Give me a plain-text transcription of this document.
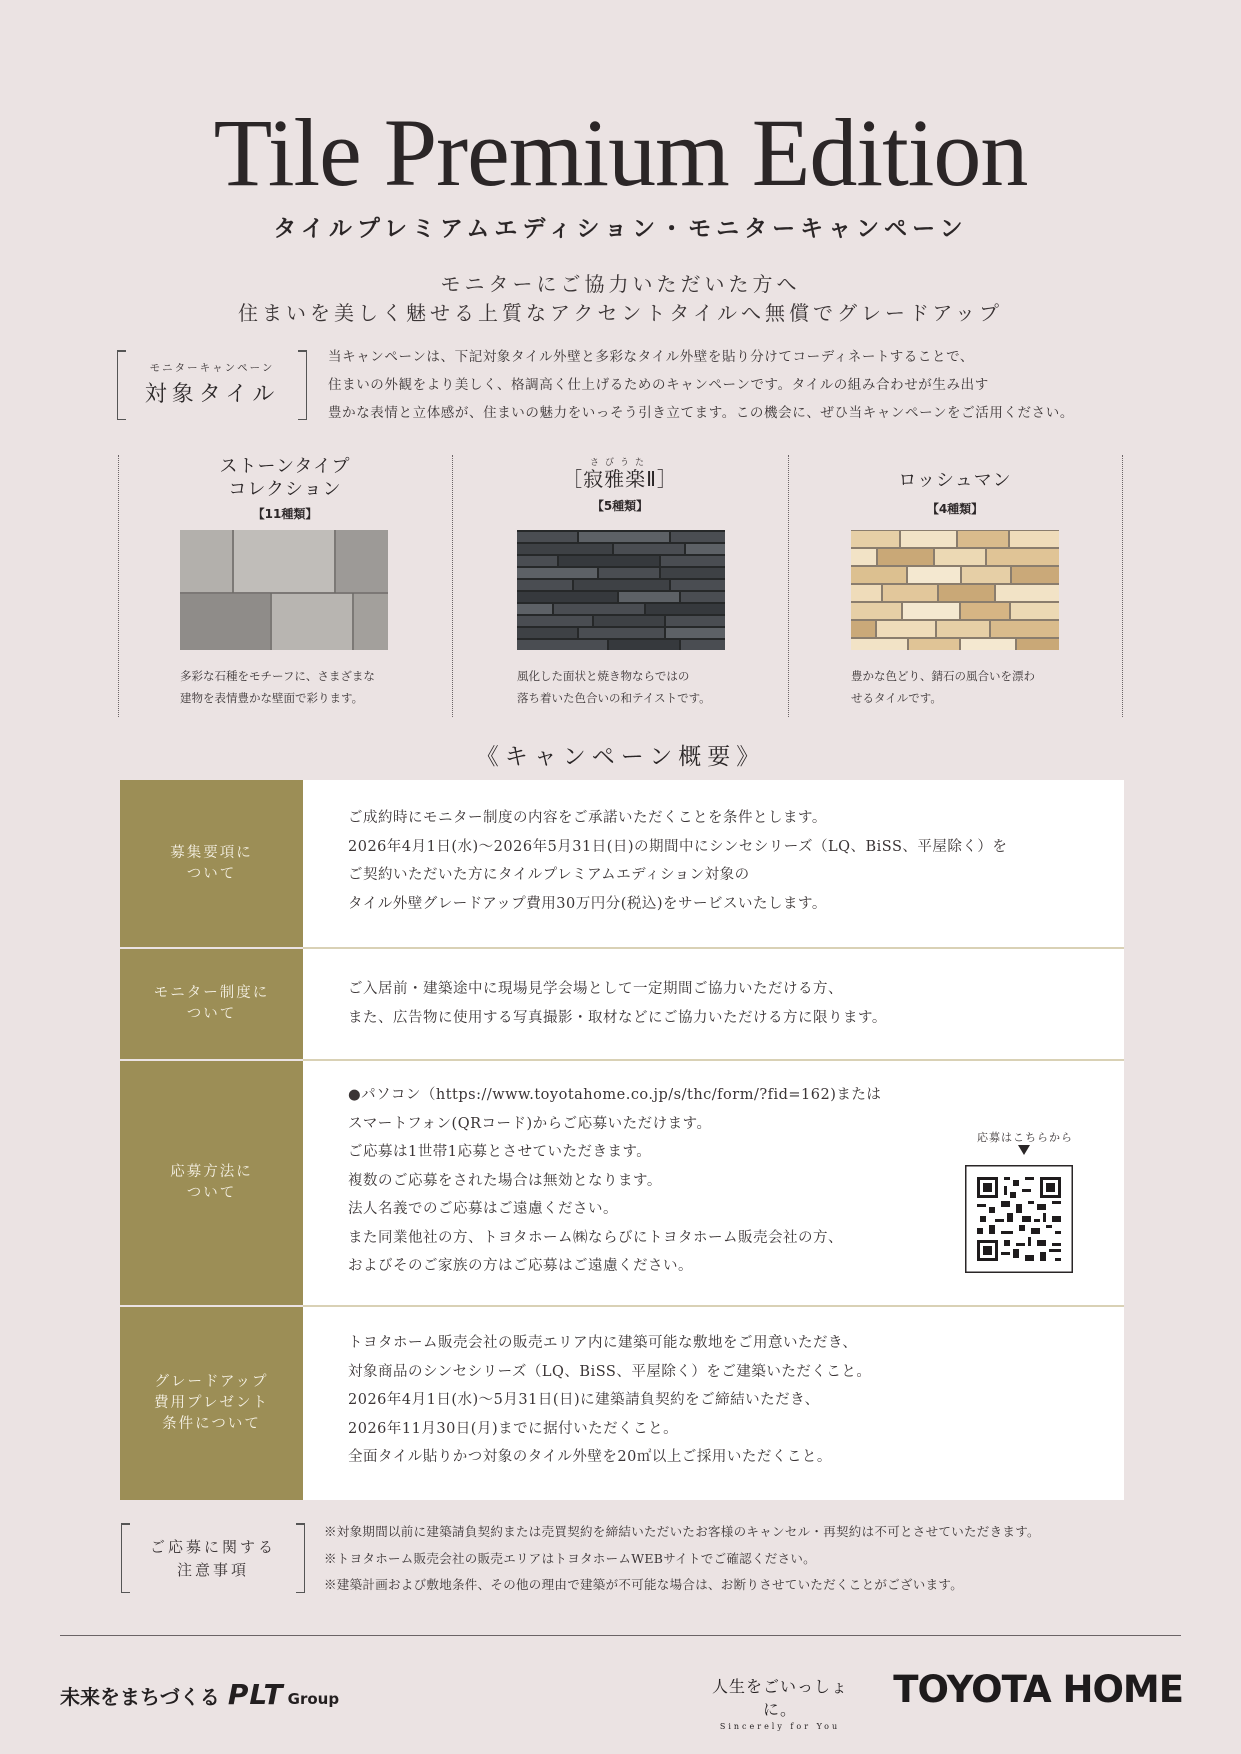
Tile Premium Edition
タイルプレミアムエディション・モニターキャンペーン
モニターにご協力いただいた方へ
住まいを美しく魅せる上質なアクセントタイルへ無償でグレードアップ
モニターキャンペーン
対象タイル
当キャンペーンは、下記対象タイル外壁と多彩なタイル外壁を貼り分けてコーディネートすることで、
住まいの外観をより美しく、格調高く仕上げるためのキャンペーンです。タイルの組み合わせが生み出す
豊かな表情と立体感が、住まいの魅力をいっそう引き立てます。この機会に、ぜひ当キャンペーンをご活用ください。
ストーンタイプ
コレクション
【11種類】
さびうた
［寂雅楽Ⅱ］
【5種類】
ロッシュマン
【4種類】
多彩な石種をモチーフに、さまざまな
建物を表情豊かな壁面で彩ります。
風化した面状と焼き物ならではの
落ち着いた色合いの和テイストです。
豊かな色どり、錆石の風合いを漂わ
せるタイルです。
《キャンペーン概要》
募集要項に
ついて
ご成約時にモニター制度の内容をご承諾いただくことを条件とします。
2026年4月1日(水)～2026年5月31日(日)の期間中にシンセシリーズ（LQ、BiSS、平屋除く）を
ご契約いただいた方にタイルプレミアムエディション対象の
タイル外壁グレードアップ費用30万円分(税込)をサービスいたします。
モニター制度に
ついて
ご入居前・建築途中に現場見学会場として一定期間ご協力いただける方、
また、広告物に使用する写真撮影・取材などにご協力いただける方に限ります。
応募方法に
ついて
●パソコン（https://www.toyotahome.co.jp/s/thc/form/?fid=162)または
スマートフォン(QRコード)からご応募いただけます。
ご応募は1世帯1応募とさせていただきます。
複数のご応募をされた場合は無効となります。
法人名義でのご応募はご遠慮ください。
また同業他社の方、トヨタホーム㈱ならびにトヨタホーム販売会社の方、
およびそのご家族の方はご応募はご遠慮ください。
応募はこちらから
グレードアップ
費用プレゼント
条件について
トヨタホーム販売会社の販売エリア内に建築可能な敷地をご用意いただき、
対象商品のシンセシリーズ（LQ、BiSS、平屋除く）をご建築いただくこと。
2026年4月1日(水)～5月31日(日)に建築請負契約をご締結いただき、
2026年11月30日(月)までに据付いただくこと。
全面タイル貼りかつ対象のタイル外壁を20㎡以上ご採用いただくこと。
ご応募に関する
注意事項
※対象期間以前に建築請負契約または売買契約を締結いただいたお客様のキャンセル・再契約は不可とさせていただきます。
※トヨタホーム販売会社の販売エリアはトヨタホームWEBサイトでご確認ください。
※建築計画および敷地条件、その他の理由で建築が不可能な場合は、お断りさせていただくことがございます。
未来をまちづくる PLT Group
人生をごいっしょに。
Sincerely for You
TOYOTA HOME
